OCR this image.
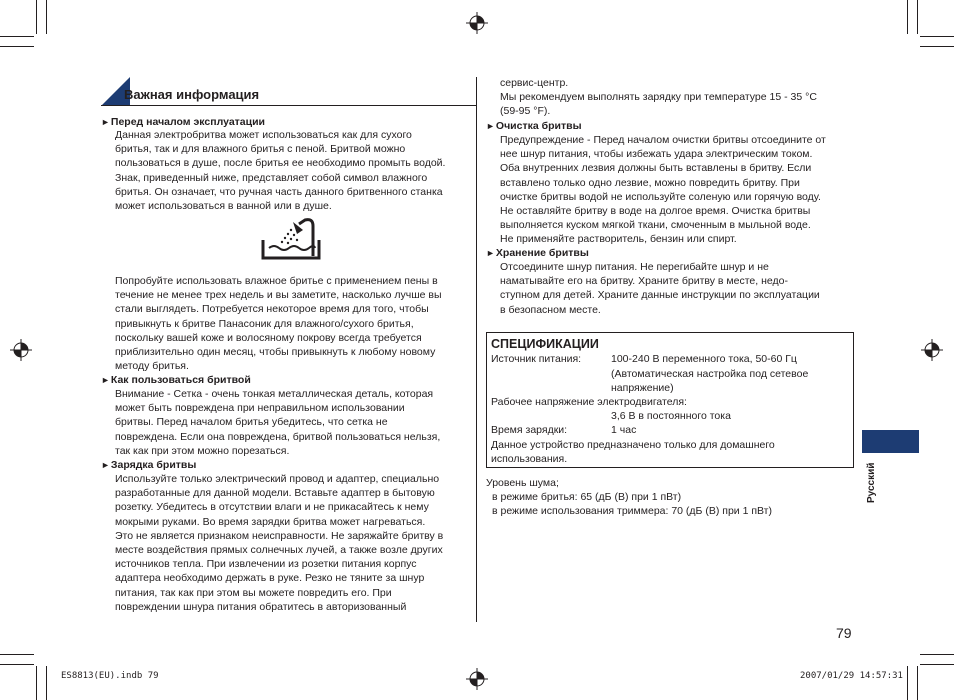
Важная информация
►Перед началом эксплуатации
Данная электробритва может использоваться как для сухого
бритья, так и для влажного бритья с пеной. Бритвой можно
пользоваться в душе, после бритья ее необходимо промыть водой.
Знак, приведенный ниже, представляет собой символ влажного
бритья. Он означает, что ручная часть данного бритвенного станка
может использоваться в ванной или в душе.
Попробуйте использовать влажное бритье с применением пены в
течение не менее трех недель и вы заметите, насколько лучше вы
стали выглядеть. Потребуется некоторое время для того, чтобы
привыкнуть к бритве Панасоник для влажного/сухого бритья,
поскольку вашей коже и волосяному покрову всегда требуется
приблизительно один месяц, чтобы привыкнуть к любому новому
методу бритья.
►Как пользоваться бритвой
Внимание - Сетка - очень тонкая металлическая деталь, которая
может быть повреждена при неправильном использовании
бритвы. Перед началом бритья убедитесь, что сетка не
повреждена. Если она повреждена, бритвой пользоваться нельзя,
так как при этом можно порезаться.
►Зарядка бритвы
Используйте только электрический провод и адаптер, специально
разработанные для данной модели. Вставьте адаптер в бытовую
розетку. Убедитесь в отсутствии влаги и не прикасайтесь к нему
мокрыми руками. Во время зарядки бритва может нагреваться.
Это не является признаком неисправности. Не заряжайте бритву в
месте воздействия прямых солнечных лучей, а также возле других
источников тепла. При извлечении из розетки питания корпус
адаптера необходимо держать в руке. Резко не тяните за шнур
питания, так как при этом вы можете повредить его. При
повреждении шнура питания обратитесь в авторизованный
сервис-центр.
Мы рекомендуем выполнять зарядку при температуре 15 - 35 °C
(59-95 °F).
►Очистка бритвы
Предупреждение - Перед началом очистки бритвы отсоедините от
нее шнур питания, чтобы избежать удара электрическим током.
Оба внутренних лезвия должны быть вставлены в бритву. Если
вставлено только одно лезвие, можно повредить бритву. При
очистке бритвы водой не используйте соленую или горячую воду.
Не оставляйте бритву в воде на долгое время. Очистка бритвы
выполняется куском мягкой ткани, смоченным в мыльной воде.
Не применяйте растворитель, бензин или спирт.
►Хранение бритвы
Отсоедините шнур питания. Не перегибайте шнур и не
наматывайте его на бритву. Храните бритву в месте, недо-
ступном для детей. Храните данные инструкции по эксплуатации
в безопасном месте.
СПЕЦИФИКАЦИИ
Источник питания:	100-240 В переменного тока, 50-60 Гц
(Автоматическая настройка под сетевое
напряжение)
Рабочее напряжение электродвигателя:
3,6 В в постоянного тока
Время зарядки:	1 час
Данное устройство предназначено только для домашнего
использования.
Уровень шума;
в режиме бритья: 65 (дБ (В) при 1 пВт)
в режиме использования триммера: 70 (дБ (В) при 1 пВт)
Русский
79
ES8813(EU).indb 79	2007/01/29 14:57:31
